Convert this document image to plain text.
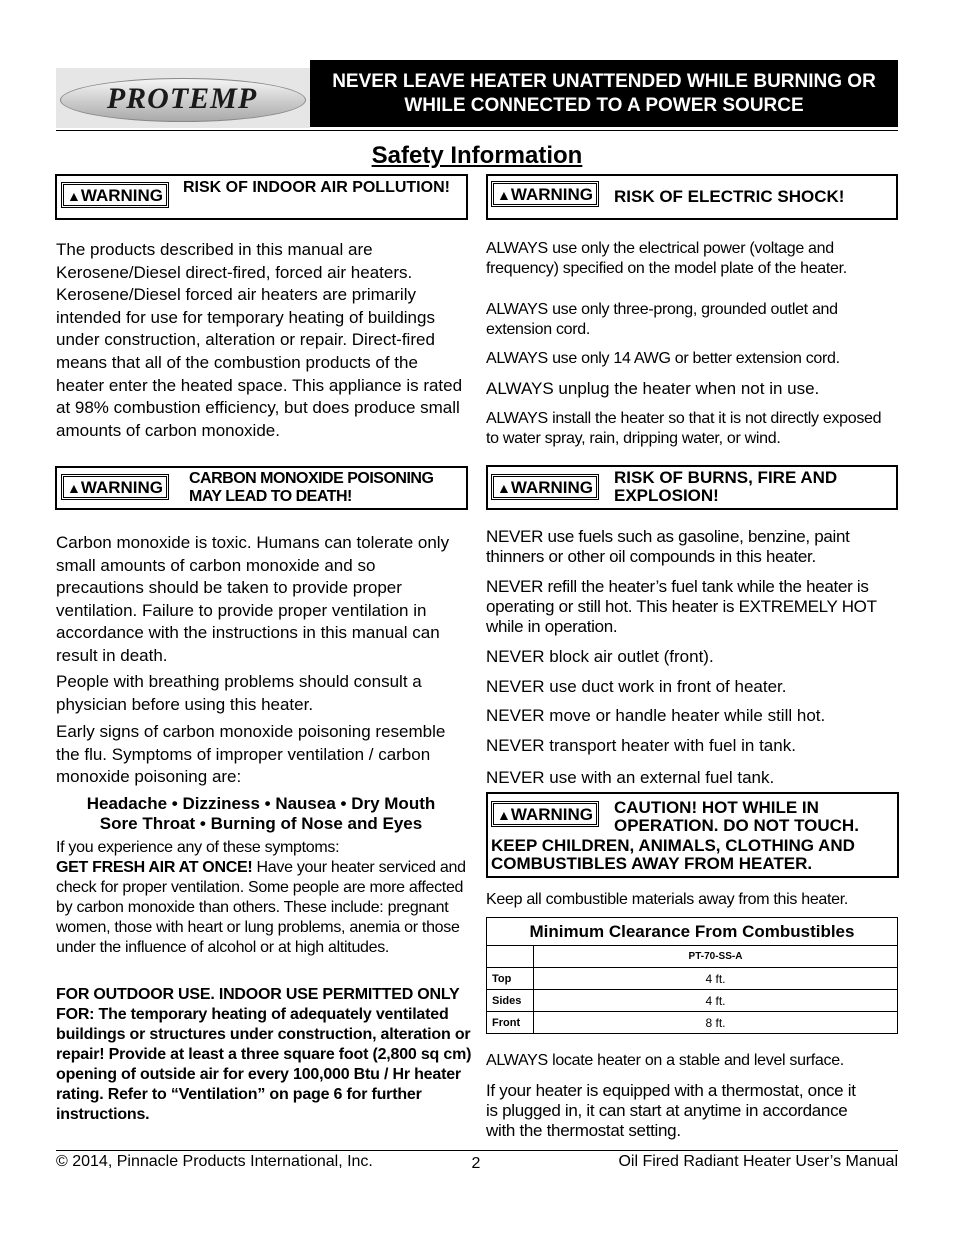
PROTEMP
NEVER LEAVE HEATER UNATTENDED WHILE BURNING OR
WHILE CONNECTED TO A POWER SOURCE
Safety Information
▲WARNING	RISK OF INDOOR AIR POLLUTION!
The products described in this manual are Kerosene/Diesel direct-fired, forced air heaters. Kerosene/Diesel forced air heaters are primarily intended for use for temporary heating of buildings under construction, alteration or repair. Direct-fired means that all of the combustion products of the heater enter the heated space. This appliance is rated at 98% combustion efficiency, but does produce small amounts of carbon monoxide.
▲WARNING	CARBON MONOXIDE POISONING MAY LEAD TO DEATH!
Carbon monoxide is toxic. Humans can tolerate only small amounts of carbon monoxide and so precautions should be taken to provide proper ventilation. Failure to provide proper ventilation in accordance with the instructions in this manual can result in death.
People with breathing problems should consult a physician before using this heater.
Early signs of carbon monoxide poisoning resemble the flu. Symptoms of improper ventilation / carbon monoxide poisoning are:
Headache • Dizziness • Nausea • Dry Mouth
Sore Throat • Burning of Nose and Eyes
If you experience any of these symptoms:
GET FRESH AIR AT ONCE! Have your heater serviced and check for proper ventilation. Some people are more affected by carbon monoxide than others. These include: pregnant women, those with heart or lung problems, anemia or those under the influence of alcohol or at high altitudes.
FOR OUTDOOR USE. INDOOR USE PERMITTED ONLY FOR: The temporary heating of adequately ventilated buildings or structures under construction, alteration or repair! Provide at least a three square foot (2,800 sq cm) opening of outside air for every 100,000 Btu / Hr heater rating. Refer to “Ventilation” on page 6 for further instructions.
▲WARNING	RISK OF ELECTRIC SHOCK!
ALWAYS use only the electrical power (voltage and frequency) specified on the model plate of the heater.
ALWAYS use only three-prong, grounded outlet and extension cord.
ALWAYS use only 14 AWG or better extension cord.
ALWAYS unplug the heater when not in use.
ALWAYS install the heater so that it is not directly exposed to water spray, rain, dripping water, or wind.
▲WARNING
RISK OF BURNS, FIRE AND EXPLOSION!
NEVER use fuels such as gasoline, benzine, paint thinners or other oil compounds in this heater.
NEVER refill the heater’s fuel tank while the heater is operating or still hot. This heater is EXTREMELY HOT while in operation.
NEVER block air outlet (front).
NEVER use duct work in front of heater.
NEVER move or handle heater while still hot.
NEVER transport heater with fuel in tank.
NEVER use with an external fuel tank.
▲WARNING	CAUTION! HOT WHILE IN OPERATION. DO NOT TOUCH.
KEEP CHILDREN, ANIMALS, CLOTHING AND COMBUSTIBLES AWAY FROM HEATER.
Keep all combustible materials away from this heater.
Minimum Clearance From Combustibles
	PT-70-SS-A
Top	4 ft.
Sides	4 ft.
Front	8 ft.
ALWAYS locate heater on a stable and level surface.
If your heater is equipped with a thermostat, once it is plugged in, it can start at anytime in accordance with the thermostat setting.
© 2014, Pinnacle Products International, Inc.	2	Oil Fired Radiant Heater User’s Manual
